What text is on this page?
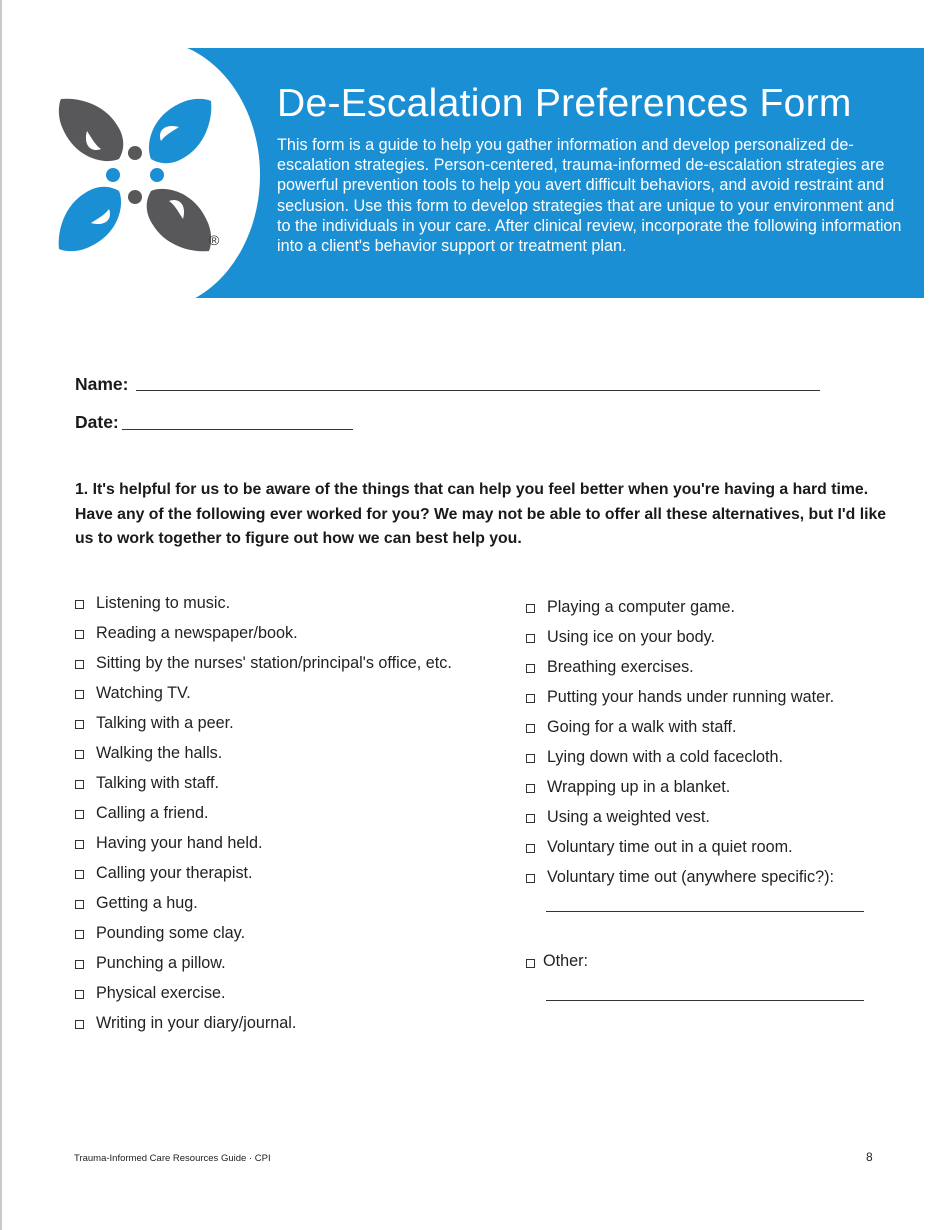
®
De-Escalation Preferences Form

This form is a guide to help you gather information and develop personalized de-escalation strategies. Person-centered, trauma-informed de-escalation strategies are powerful prevention tools to help you avert difficult behaviors, and avoid restraint and seclusion. Use this form to develop strategies that are unique to your environment and to the individuals in your care. After clinical review, incorporate the following information into a client's behavior support or treatment plan.

Name:
Date:

1. It's helpful for us to be aware of the things that can help you feel better when you're having a hard time. Have any of the following ever worked for you? We may not be able to offer all these alternatives, but I'd like us to work together to figure out how we can best help you.

Listening to music.
Reading a newspaper/book.
Sitting by the nurses' station/principal's office, etc.
Watching TV.
Talking with a peer.
Walking the halls.
Talking with staff.
Calling a friend.
Having your hand held.
Calling your therapist.
Getting a hug.
Pounding some clay.
Punching a pillow.
Physical exercise.
Writing in your diary/journal.
Playing a computer game.
Using ice on your body.
Breathing exercises.
Putting your hands under running water.
Going for a walk with staff.
Lying down with a cold facecloth.
Wrapping up in a blanket.
Using a weighted vest.
Voluntary time out in a quiet room.
Voluntary time out (anywhere specific?):
Other:
Trauma-Informed Care Resources Guide · CPI	8
